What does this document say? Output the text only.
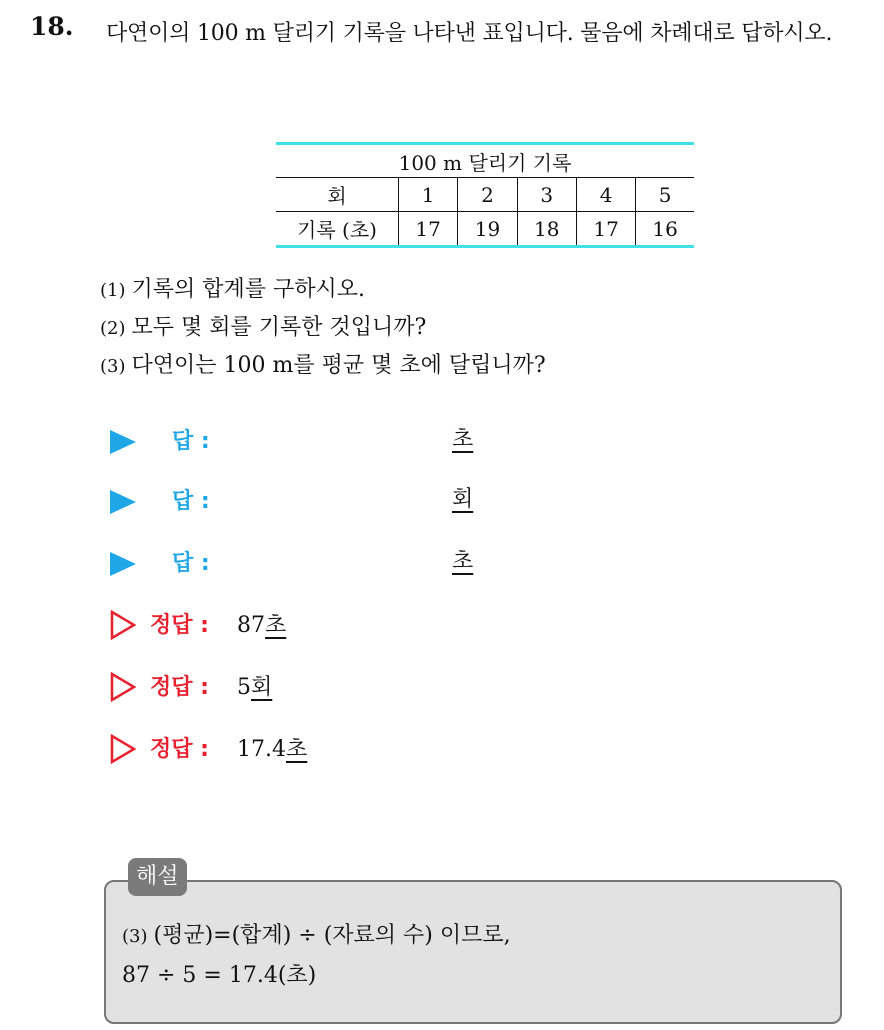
18. 다연이의 100 m 달리기 기록을 나타낸 표입니다. 물음에 차례대로 답하시오.
100 m 달리기 기록					
회	1	2	3	4	5
기록 (초)	17	19	18	17	16
(1) 기록의 합계를 구하시오.
(2) 모두 몇 회를 기록한 것입니까?
(3) 다연이는 100 m를 평균 몇 초에 달립니까?
답 :	초
답 :	회
답 :	초
정답 : 87초
정답 : 5회
정답 : 17.4초
해설
(3) (평균)=(합계) ÷ (자료의 수) 이므로,
87 ÷ 5 = 17.4(초)
